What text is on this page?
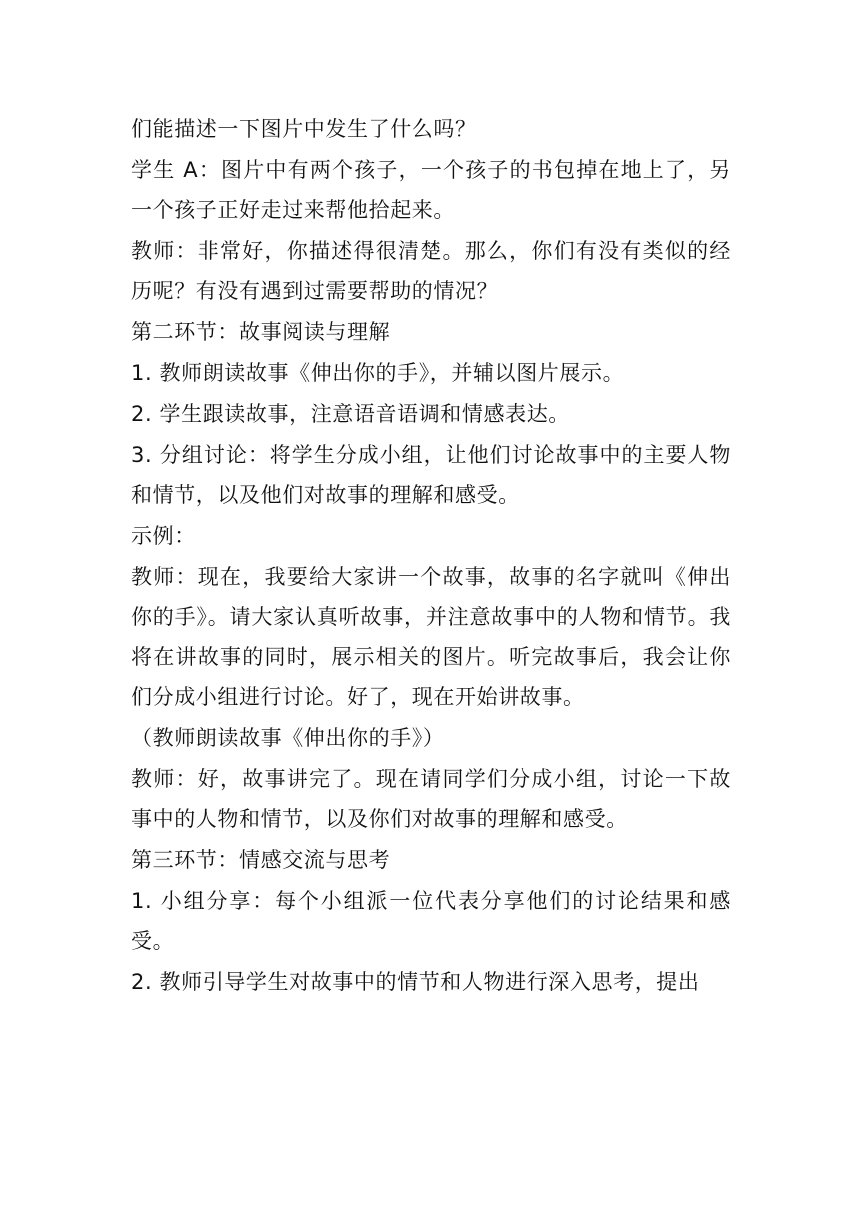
们能描述一下图片中发生了什么吗？

学生 A：图片中有两个孩子，一个孩子的书包掉在地上了，另一个孩子正好走过来帮他拾起来。

教师：非常好，你描述得很清楚。那么，你们有没有类似的经历呢？有没有遇到过需要帮助的情况？

第二环节：故事阅读与理解

1. 教师朗读故事《伸出你的手》，并辅以图片展示。

2. 学生跟读故事，注意语音语调和情感表达。

3. 分组讨论：将学生分成小组，让他们讨论故事中的主要人物和情节，以及他们对故事的理解和感受。

示例：

教师：现在，我要给大家讲一个故事，故事的名字就叫《伸出你的手》。请大家认真听故事，并注意故事中的人物和情节。我将在讲故事的同时，展示相关的图片。听完故事后，我会让你们分成小组进行讨论。好了，现在开始讲故事。

（教师朗读故事《伸出你的手》）

教师：好，故事讲完了。现在请同学们分成小组，讨论一下故事中的人物和情节，以及你们对故事的理解和感受。

第三环节：情感交流与思考

1. 小组分享：每个小组派一位代表分享他们的讨论结果和感受。

2. 教师引导学生对故事中的情节和人物进行深入思考，提出
